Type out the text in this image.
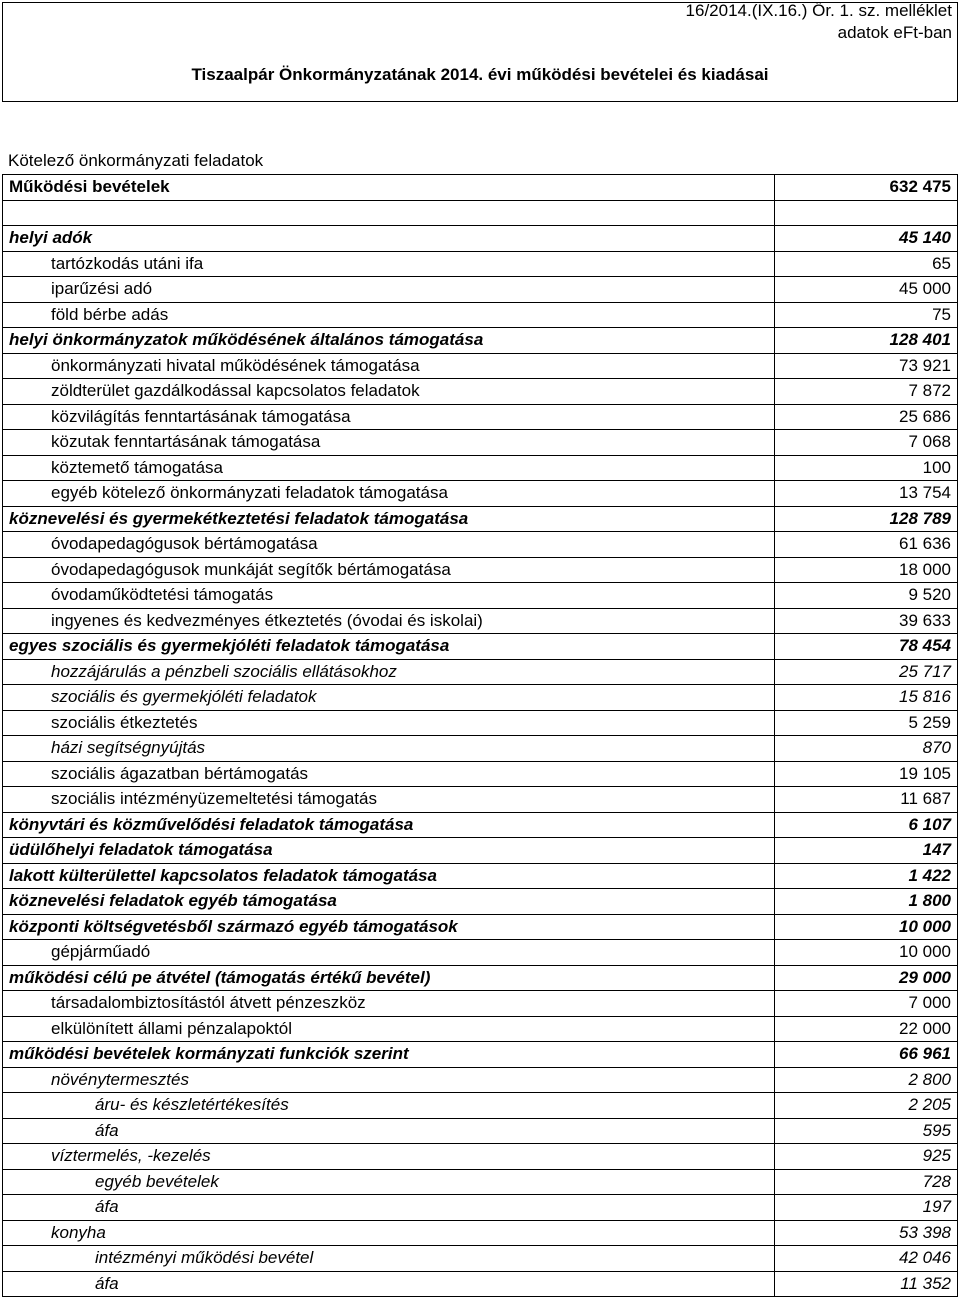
16/2014.(IX.16.) Ör. 1. sz. melléklet
adatok eFt-ban
Tiszaalpár Önkormányzatának 2014. évi működési bevételei és kiadásai
Kötelező önkormányzati feladatok
Működési bevételek	632 475

helyi adók	45 140
tartózkodás utáni ifa	65
iparűzési adó	45 000
föld bérbe adás	75
helyi önkormányzatok működésének általános támogatása	128 401
önkormányzati hivatal működésének támogatása	73 921
zöldterület gazdálkodással kapcsolatos feladatok	7 872
közvilágítás fenntartásának támogatása	25 686
közutak fenntartásának támogatása	7 068
köztemető támogatása	100
egyéb kötelező önkormányzati feladatok támogatása	13 754
köznevelési és gyermekétkeztetési feladatok támogatása	128 789
óvodapedagógusok bértámogatása	61 636
óvodapedagógusok munkáját segítők bértámogatása	18 000
óvodaműködtetési támogatás	9 520
ingyenes és kedvezményes étkeztetés (óvodai és iskolai)	39 633
egyes szociális és gyermekjóléti feladatok támogatása	78 454
hozzájárulás a pénzbeli szociális ellátásokhoz	25 717
szociális és gyermekjóléti feladatok	15 816
szociális étkeztetés	5 259
házi segítségnyújtás	870
szociális ágazatban bértámogatás	19 105
szociális intézményüzemeltetési támogatás	11 687
könyvtári és közművelődési feladatok támogatása	6 107
üdülőhelyi feladatok támogatása	147
lakott külterülettel kapcsolatos feladatok támogatása	1 422
köznevelési feladatok egyéb támogatása	1 800
központi költségvetésből származó egyéb támogatások	10 000
gépjárműadó	10 000
működési célú pe átvétel (támogatás értékű bevétel)	29 000
társadalombiztosítástól átvett pénzeszköz	7 000
elkülönített állami pénzalapoktól	22 000
működési bevételek kormányzati funkciók szerint	66 961
növénytermesztés	2 800
áru- és készletértékesítés	2 205
áfa	595
víztermelés, -kezelés	925
egyéb bevételek	728
áfa	197
konyha	53 398
intézményi működési bevétel	42 046
áfa	11 352
